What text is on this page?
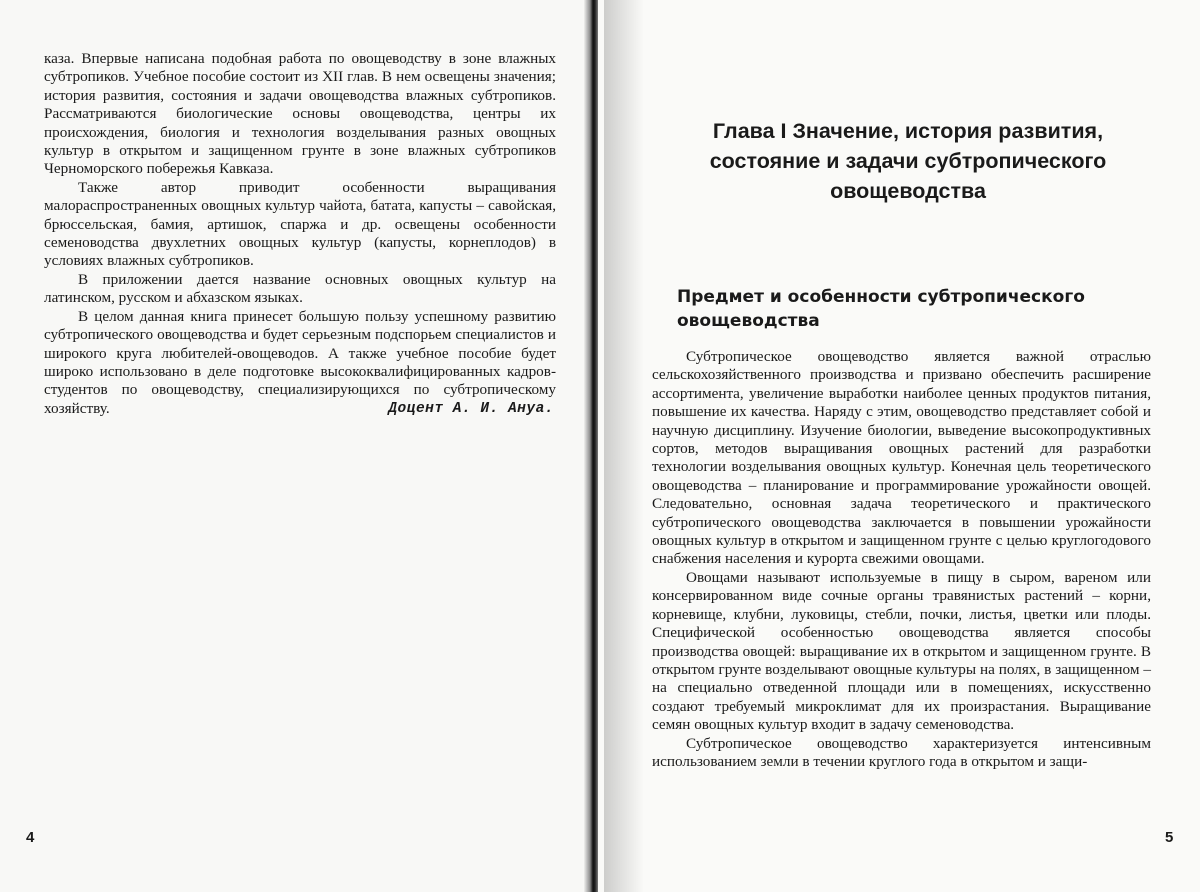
каза. Впервые написана подобная работа по овощеводству в зоне влажных субтропиков. Учебное пособие состоит из XII глав. В нем освещены значения; история развития, состояния и задачи овощеводства влажных субтропиков. Рассматриваются биологические основы овощеводства, центры их происхождения, биология и технология возделывания разных овощных культур в открытом и защищенном грунте в зоне влажных субтропиков Черноморского побережья Кавказа.

Также автор приводит особенности выращивания малораспространенных овощных культур чайота, батата, капусты – савойская, брюссельская, бамия, артишок, спаржа и др. освещены особенности семеноводства двухлетних овощных культур (капусты, корнеплодов) в условиях влажных субтропиков.

В приложении дается название основных овощных культур на латинском, русском и абхазском языках.

В целом данная книга принесет большую пользу успешному развитию субтропического овощеводства и будет серьезным подспорьем специалистов и широкого круга любителей-овощеводов. А также учебное пособие будет широко использовано в деле подготовке высококвалифицированных кадров-студентов по овощеводству, специализирующихся по субтропическому хозяйству.	Доцент А. И. Ануа.
4
Глава I Значение, история развития,
состояние и задачи субтропического
овощеводства
Предмет и особенности субтропического
овощеводства

Субтропическое овощеводство является важной отраслью сельскохозяйственного производства и призвано обеспечить расширение ассортиментa, увеличение выработки наиболее ценных продуктов питания, повышение их качества. Наряду с этим, овощеводство представляет собой и научную дисциплину. Изучение биологии, выведение высокопродуктивных сортов, методов выращивания овощных растений для разработки технологии возделывания овощных культур. Конечная цель теоретического овощеводства – планирование и программирование урожайности овощей. Следовательно, основная задача теоретического и практического субтропического овощеводства заключается в повышении урожайности овощных культур в открытом и защищенном грунте с целью круглогодового снабжения населения и курорта свежими овощами.

Овощами называют используемые в пищу в сыром, вареном или консервированном виде сочные органы травянистых растений – корни, корневище, клубни, луковицы, стебли, почки, листья, цветки или плоды. Специфической особенностью овощеводства является способы производства овощей: выращивание их в открытом и защищенном грунте. В открытом грунте возделывают овощные культуры на полях, в защищенном – на специально отведенной площади или в помещениях, искусственно создают требуемый микроклимат для их произрастания. Выращивание семян овощных культур входит в задачу семеноводства.

Субтропическое овощеводство характеризуется интенсивным использованием земли в течении круглого года в открытом и защи-

5
